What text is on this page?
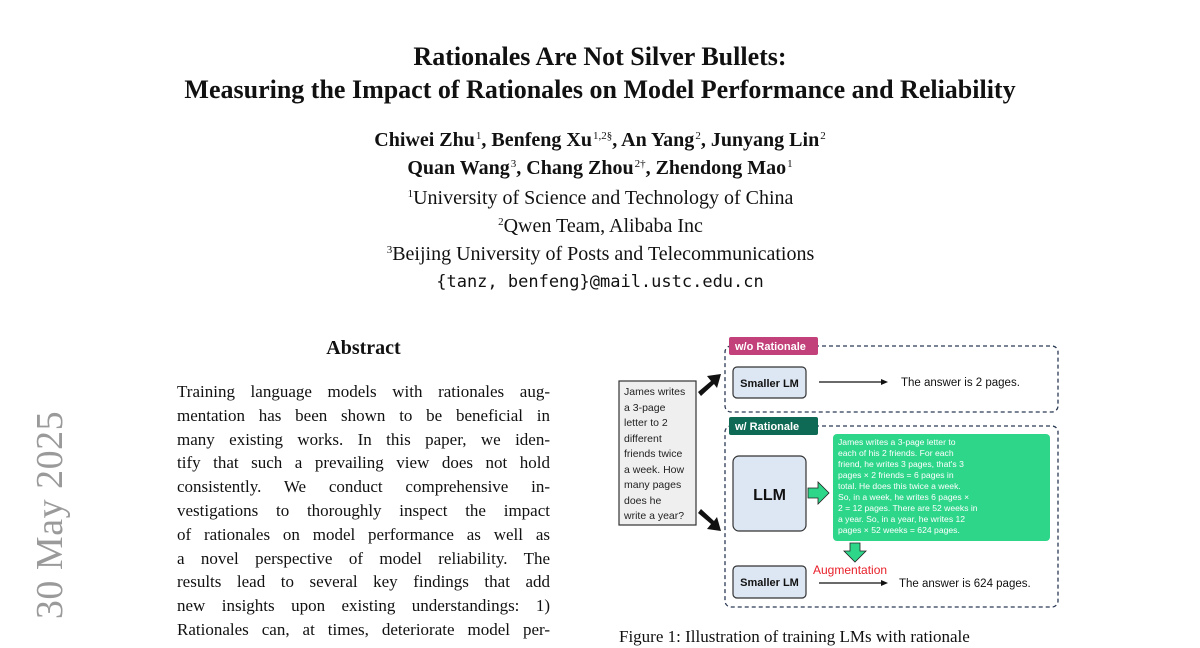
30 May 2025
Rationales Are Not Silver Bullets:
Measuring the Impact of Rationales on Model Performance and Reliability
Chiwei Zhu$^1$, Benfeng $Xu^{1,2\S}$, An Yang$^2$, Junyang Lin$^2$
Quan Wang$^3$, Chang Zhou$^{2\dagger}$, Zhendong Mao$^1$
$^1$University of Science and Technology of China
$^2$Qwen Team, Alibaba Inc
$^3$Beijing University of Posts and Telecommunications
{tanz, benfeng}@mail.ustc.edu.cn
Abstract
Training language models with rationales aug-
mentation has been shown to be beneficial in
many existing works. In this paper, we iden-
tify that such a prevailing view does not hold
consistently. We conduct comprehensive in-
vestigations to thoroughly inspect the impact
of rationales on model performance as well as
a novel perspective of model reliability. The
results lead to several key findings that add
new insights upon existing understandings: 1)
Rationales can, at times, deteriorate model per-
James writes
a 3-page
letter to 2
different
friends twice
a week. How
many pages
does he
write a year?
w/o Rationale
Smaller LM	The answer is 2 pages.
w/ Rationale
LLM
James writes a 3-page letter to
each of his 2 friends. For each
friend, he writes 3 pages, that's 3
pages × 2 friends = 6 pages in
total. He does this twice a week.
So, in a week, he writes 6 pages ×
2 = 12 pages. There are 52 weeks in
a year. So, in a year, he writes 12
pages × 52 weeks = 624 pages.
Augmentation
Smaller LM	The answer is 624 pages.
Figure 1: Illustration of training LMs with rationale
